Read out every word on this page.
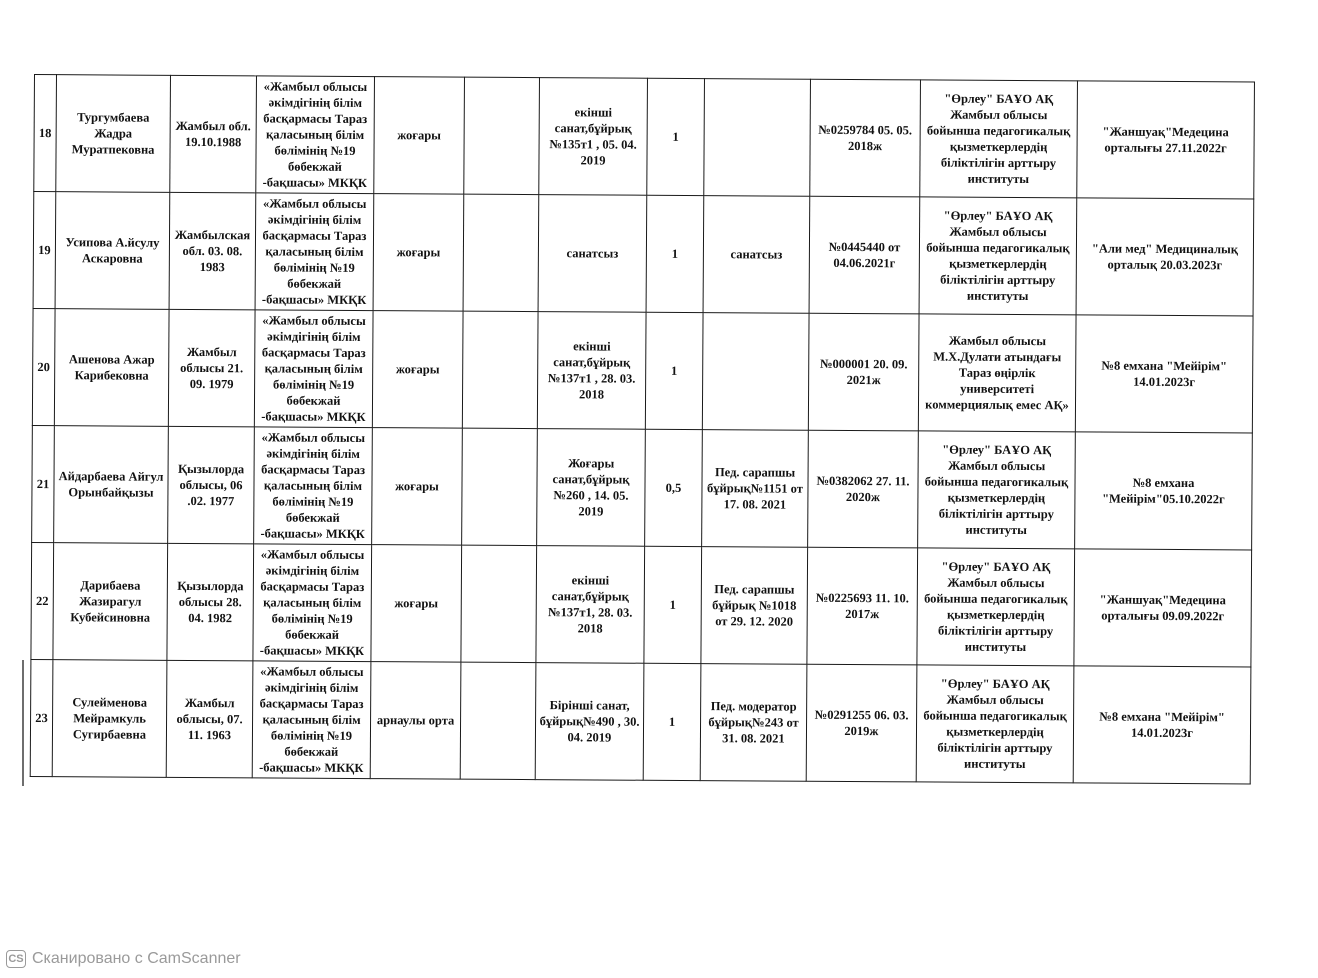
18	Тургумбаева Жадра Муратпековна	Жамбыл обл. 19.10.1988	«Жамбыл облысы әкімдігінің білім басқармасы Тараз қаласының білім бөлімінің №19 бөбекжай -бақшасы» МКҚК	жоғары		екінші санат,бұйрық №135т1 , 05. 04. 2019	1		№0259784 05. 05. 2018ж	"Өрлеу" БАҰО АҚ Жамбыл облысы бойынша педагогикалық қызметкерлердің біліктілігін арттыру институты	"Жаншуақ"Медецина орталығы 27.11.2022г
19	Усипова А.йсулу Аскаровна	Жамбылская обл. 03. 08. 1983	«Жамбыл облысы әкімдігінің білім басқармасы Тараз қаласының білім бөлімінің №19 бөбекжай -бақшасы» МКҚК	жоғары		санатсыз	1	санатсыз	№0445440 от 04.06.2021г	"Өрлеу" БАҰО АҚ Жамбыл облысы бойынша педагогикалық қызметкерлердің біліктілігін арттыру институты	"Али мед" Медициналық орталық 20.03.2023г
20	Ашенова Ажар Карибековна	Жамбыл облысы 21. 09. 1979	«Жамбыл облысы әкімдігінің білім басқармасы Тараз қаласының білім бөлімінің №19 бөбекжай -бақшасы» МКҚК	жоғары		екінші санат,бұйрық №137т1 , 28. 03. 2018	1		№000001 20. 09. 2021ж	Жамбыл облысы М.Х.Дулати атындағы Тараз өңірлік университеті коммерциялық емес АҚ»	№8 емхана "Мейірім" 14.01.2023г
21	Айдарбаева Айгул Орынбайқызы	Қызылорда облысы, 06 .02. 1977	«Жамбыл облысы әкімдігінің білім басқармасы Тараз қаласының білім бөлімінің №19 бөбекжай -бақшасы» МКҚК	жоғары		Жоғары санат,бұйрық №260 , 14. 05. 2019	0,5	Пед. сарапшы бұйрық№1151 от 17. 08. 2021	№0382062 27. 11. 2020ж	"Өрлеу" БАҰО АҚ Жамбыл облысы бойынша педагогикалық қызметкерлердің біліктілігін арттыру институты	№8 емхана "Мейірім"05.10.2022г
22	Дарибаева Жазирагул Кубейсиновна	Қызылорда облысы 28. 04. 1982	«Жамбыл облысы әкімдігінің білім басқармасы Тараз қаласының білім бөлімінің №19 бөбекжай -бақшасы» МКҚК	жоғары		екінші санат,бұйрық №137т1, 28. 03. 2018	1	Пед. сарапшы бұйрық №1018 от 29. 12. 2020	№0225693 11. 10. 2017ж	"Өрлеу" БАҰО АҚ Жамбыл облысы бойынша педагогикалық қызметкерлердің біліктілігін арттыру институты	"Жаншуақ"Медецина орталығы 09.09.2022г
23	Сулейменова Мейрамкуль Сугирбаевна	Жамбыл облысы, 07. 11. 1963	«Жамбыл облысы әкімдігінің білім басқармасы Тараз қаласының білім бөлімінің №19 бөбекжай -бақшасы» МКҚК	арнаулы орта		Бірінші санат, бұйрық№490 , 30. 04. 2019	1	Пед. модератор бұйрық№243 от 31. 08. 2021	№0291255 06. 03. 2019ж	"Өрлеу" БАҰО АҚ Жамбыл облысы бойынша педагогикалық қызметкерлердің біліктілігін арттыру институты	№8 емхана "Мейірім" 14.01.2023г
CS Сканировано с CamScanner
